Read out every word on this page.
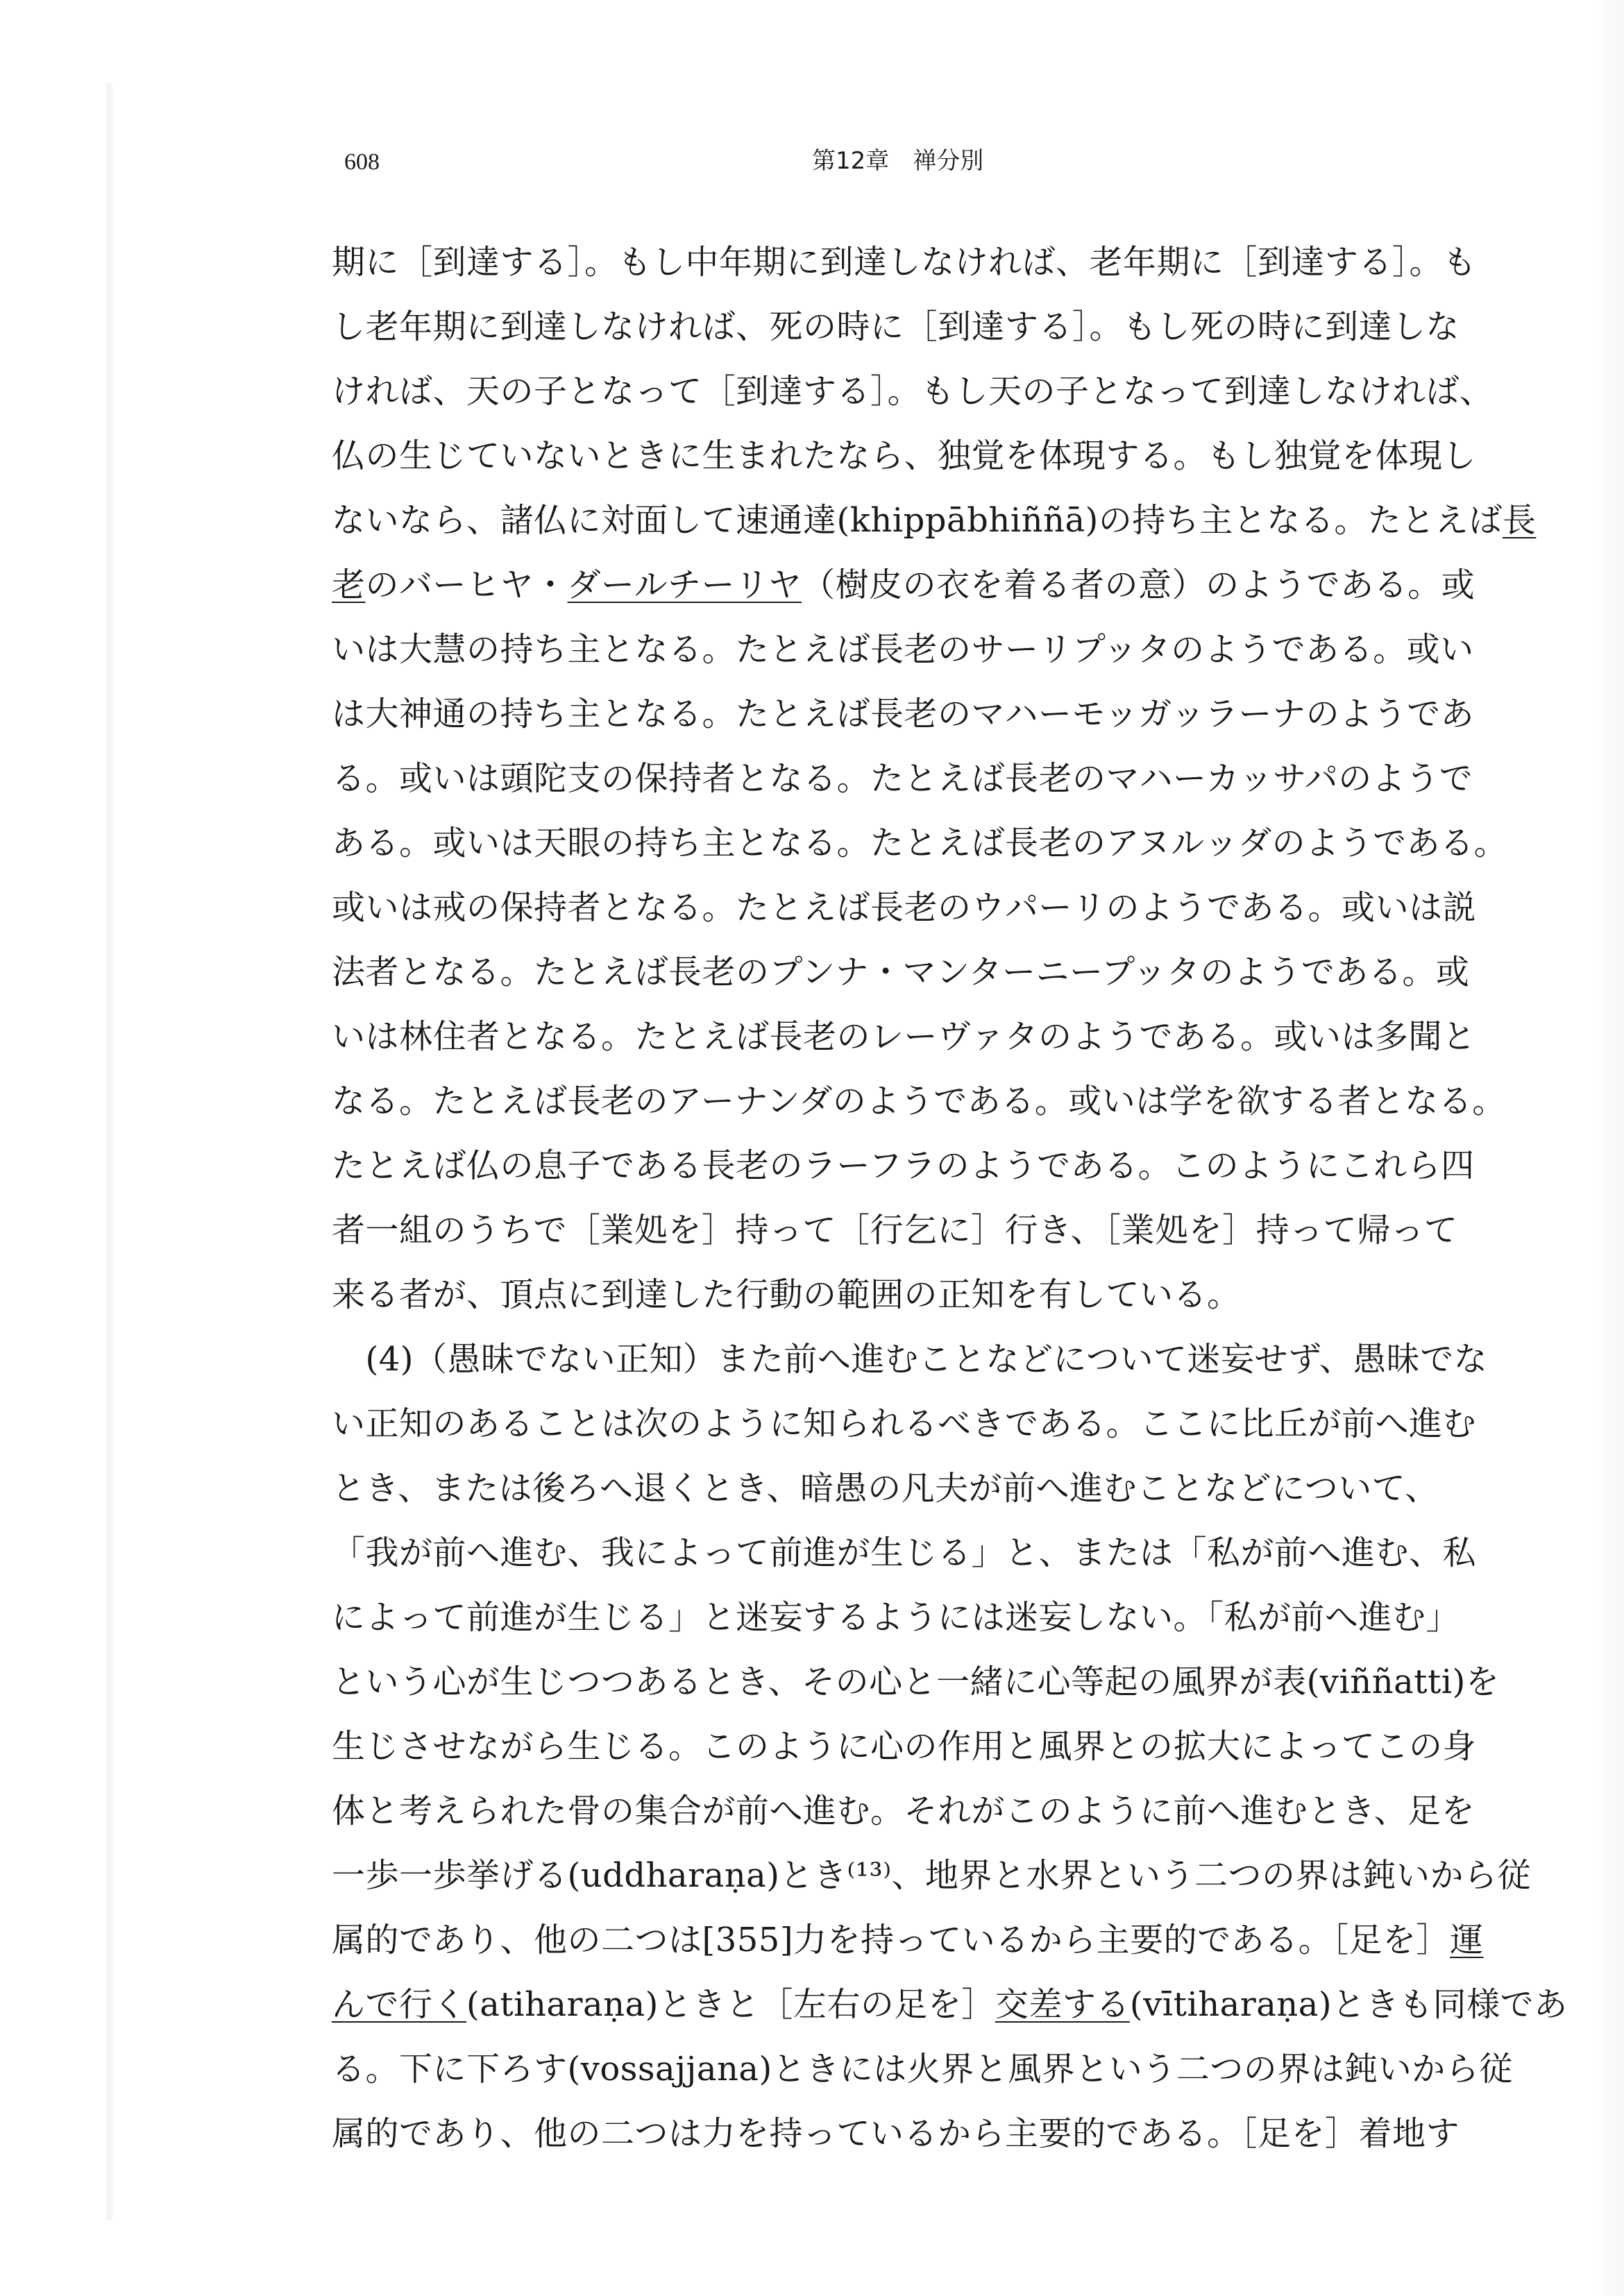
608	第12章　禅分別
期に［到達する］。もし中年期に到達しなければ、老年期に［到達する］。も
し老年期に到達しなければ、死の時に［到達する］。もし死の時に到達しな
ければ、天の子となって［到達する］。もし天の子となって到達しなければ、
仏の生じていないときに生まれたなら、独覚を体現する。もし独覚を体現し
ないなら、諸仏に対面して速通達(khippābhiññā)の持ち主となる。たとえば長
老のバーヒヤ・ダールチーリヤ（樹皮の衣を着る者の意）のようである。或
いは大慧の持ち主となる。たとえば長老のサーリプッタのようである。或い
は大神通の持ち主となる。たとえば長老のマハーモッガッラーナのようであ
る。或いは頭陀支の保持者となる。たとえば長老のマハーカッサパのようで
ある。或いは天眼の持ち主となる。たとえば長老のアヌルッダのようである。
或いは戒の保持者となる。たとえば長老のウパーリのようである。或いは説
法者となる。たとえば長老のプンナ・マンターニープッタのようである。或
いは林住者となる。たとえば長老のレーヴァタのようである。或いは多聞と
なる。たとえば長老のアーナンダのようである。或いは学を欲する者となる。
たとえば仏の息子である長老のラーフラのようである。このようにこれら四
者一組のうちで［業処を］持って［行乞に］行き、［業処を］持って帰って
来る者が、頂点に到達した行動の範囲の正知を有している。
　(4)（愚昧でない正知）また前へ進むことなどについて迷妄せず、愚昧でな
い正知のあることは次のように知られるべきである。ここに比丘が前へ進む
とき、または後ろへ退くとき、暗愚の凡夫が前へ進むことなどについて、
「我が前へ進む、我によって前進が生じる」と、または「私が前へ進む、私
によって前進が生じる」と迷妄するようには迷妄しない。「私が前へ進む」
という心が生じつつあるとき、その心と一緒に心等起の風界が表(viññatti)を
生じさせながら生じる。このように心の作用と風界との拡大によってこの身
体と考えられた骨の集合が前へ進む。それがこのように前へ進むとき、足を
一歩一歩挙げる(uddharaṇa)とき⁽¹³⁾、地界と水界という二つの界は鈍いから従
属的であり、他の二つは[355]力を持っているから主要的である。［足を］運
んで行く(atiharaṇa)ときと［左右の足を］交差する(vītiharaṇa)ときも同様であ
る。下に下ろす(vossajjana)ときには火界と風界という二つの界は鈍いから従
属的であり、他の二つは力を持っているから主要的である。［足を］着地す
